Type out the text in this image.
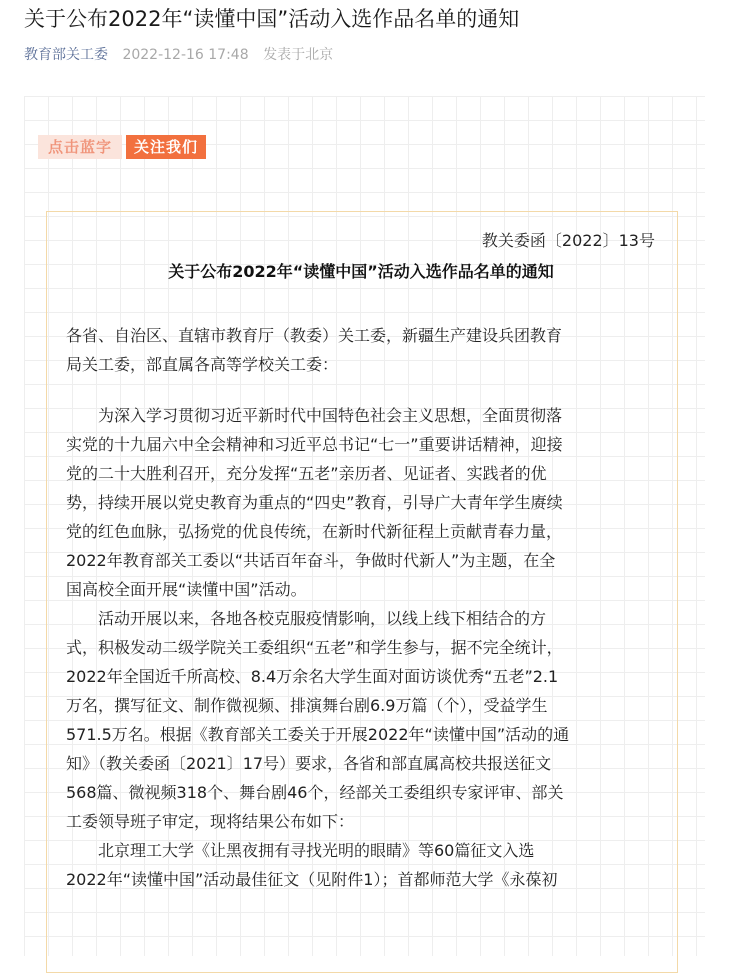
关于公布2022年“读懂中国”活动入选作品名单的通知
教育部关工委 2022-12-16 17:48 发表于北京
点击蓝字	关注我们
教关委函〔2022〕13号
关于公布2022年“读懂中国”活动入选作品名单的通知
各省、自治区、直辖市教育厅（教委）关工委，新疆生产建设兵团教育
局关工委，部直属各高等学校关工委：
　　为深入学习贯彻习近平新时代中国特色社会主义思想，全面贯彻落
实党的十九届六中全会精神和习近平总书记“七一”重要讲话精神，迎接
党的二十大胜利召开，充分发挥“五老”亲历者、见证者、实践者的优
势，持续开展以党史教育为重点的“四史”教育，引导广大青年学生赓续
党的红色血脉，弘扬党的优良传统，在新时代新征程上贡献青春力量，
2022年教育部关工委以“共话百年奋斗，争做时代新人”为主题，在全
国高校全面开展“读懂中国”活动。
　　活动开展以来，各地各校克服疫情影响，以线上线下相结合的方
式，积极发动二级学院关工委组织“五老”和学生参与，据不完全统计，
2022年全国近千所高校、8.4万余名大学生面对面访谈优秀“五老”2.1
万名，撰写征文、制作微视频、排演舞台剧6.9万篇（个），受益学生
571.5万名。根据《教育部关工委关于开展2022年“读懂中国”活动的通
知》（教关委函〔2021〕17号）要求，各省和部直属高校共报送征文
568篇、微视频318个、舞台剧46个，经部关工委组织专家评审、部关
工委领导班子审定，现将结果公布如下：
　　北京理工大学《让黑夜拥有寻找光明的眼睛》等60篇征文入选
2022年“读懂中国”活动最佳征文（见附件1）；首都师范大学《永葆初
